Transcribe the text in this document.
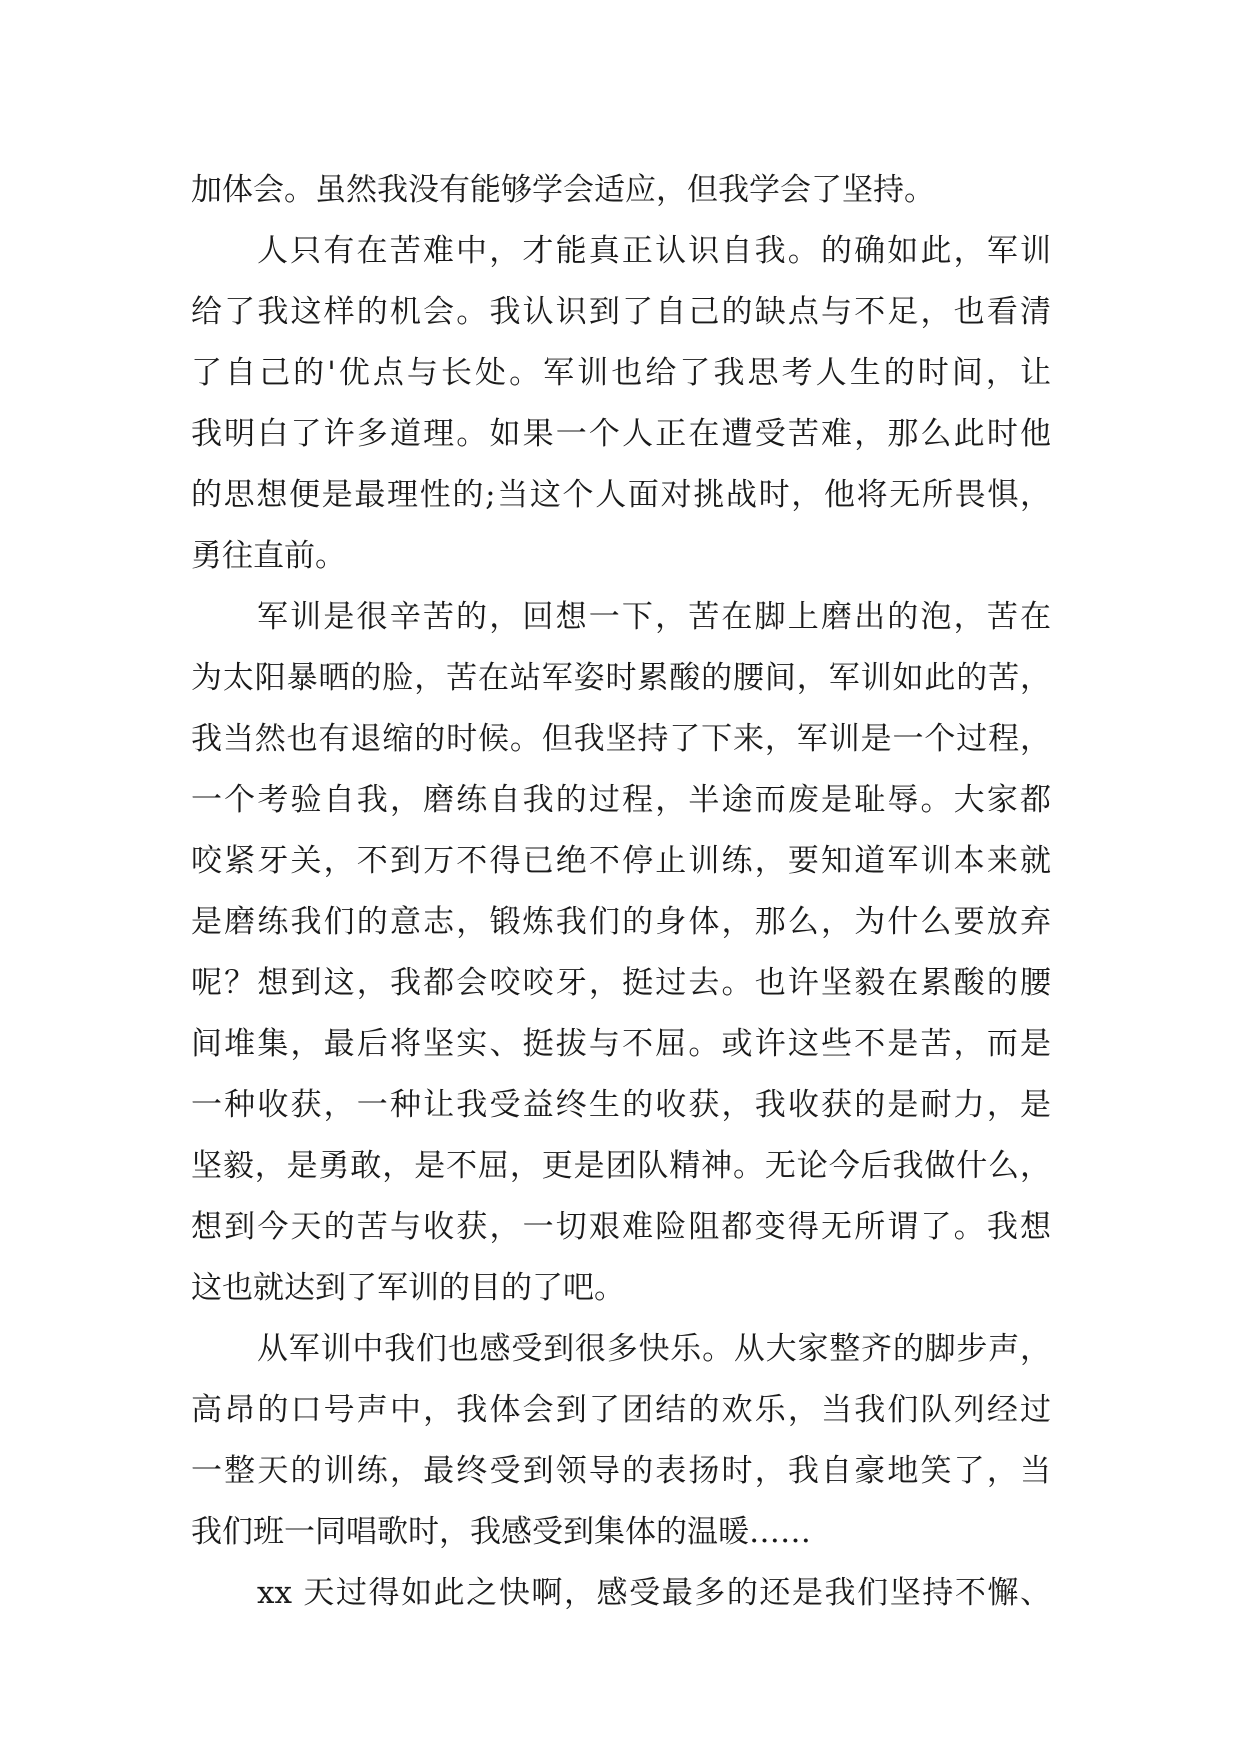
加体会。虽然我没有能够学会适应，但我学会了坚持。
人只有在苦难中，才能真正认识自我。的确如此，军训
给了我这样的机会。我认识到了自己的缺点与不足，也看清
了自己的'优点与长处。军训也给了我思考人生的时间，让
我明白了许多道理。如果一个人正在遭受苦难，那么此时他
的思想便是最理性的;当这个人面对挑战时，他将无所畏惧，
勇往直前。
军训是很辛苦的，回想一下，苦在脚上磨出的泡，苦在
为太阳暴晒的脸，苦在站军姿时累酸的腰间，军训如此的苦，
我当然也有退缩的时候。但我坚持了下来，军训是一个过程，
一个考验自我，磨练自我的过程，半途而废是耻辱。大家都
咬紧牙关，不到万不得已绝不停止训练，要知道军训本来就
是磨练我们的意志，锻炼我们的身体，那么，为什么要放弃
呢？想到这，我都会咬咬牙，挺过去。也许坚毅在累酸的腰
间堆集，最后将坚实、挺拔与不屈。或许这些不是苦，而是
一种收获，一种让我受益终生的收获，我收获的是耐力，是
坚毅，是勇敢，是不屈，更是团队精神。无论今后我做什么，
想到今天的苦与收获，一切艰难险阻都变得无所谓了。我想
这也就达到了军训的目的了吧。
从军训中我们也感受到很多快乐。从大家整齐的脚步声，
高昂的口号声中，我体会到了团结的欢乐，当我们队列经过
一整天的训练，最终受到领导的表扬时，我自豪地笑了，当
我们班一同唱歌时，我感受到集体的温暖……
xx 天过得如此之快啊，感受最多的还是我们坚持不懈、
